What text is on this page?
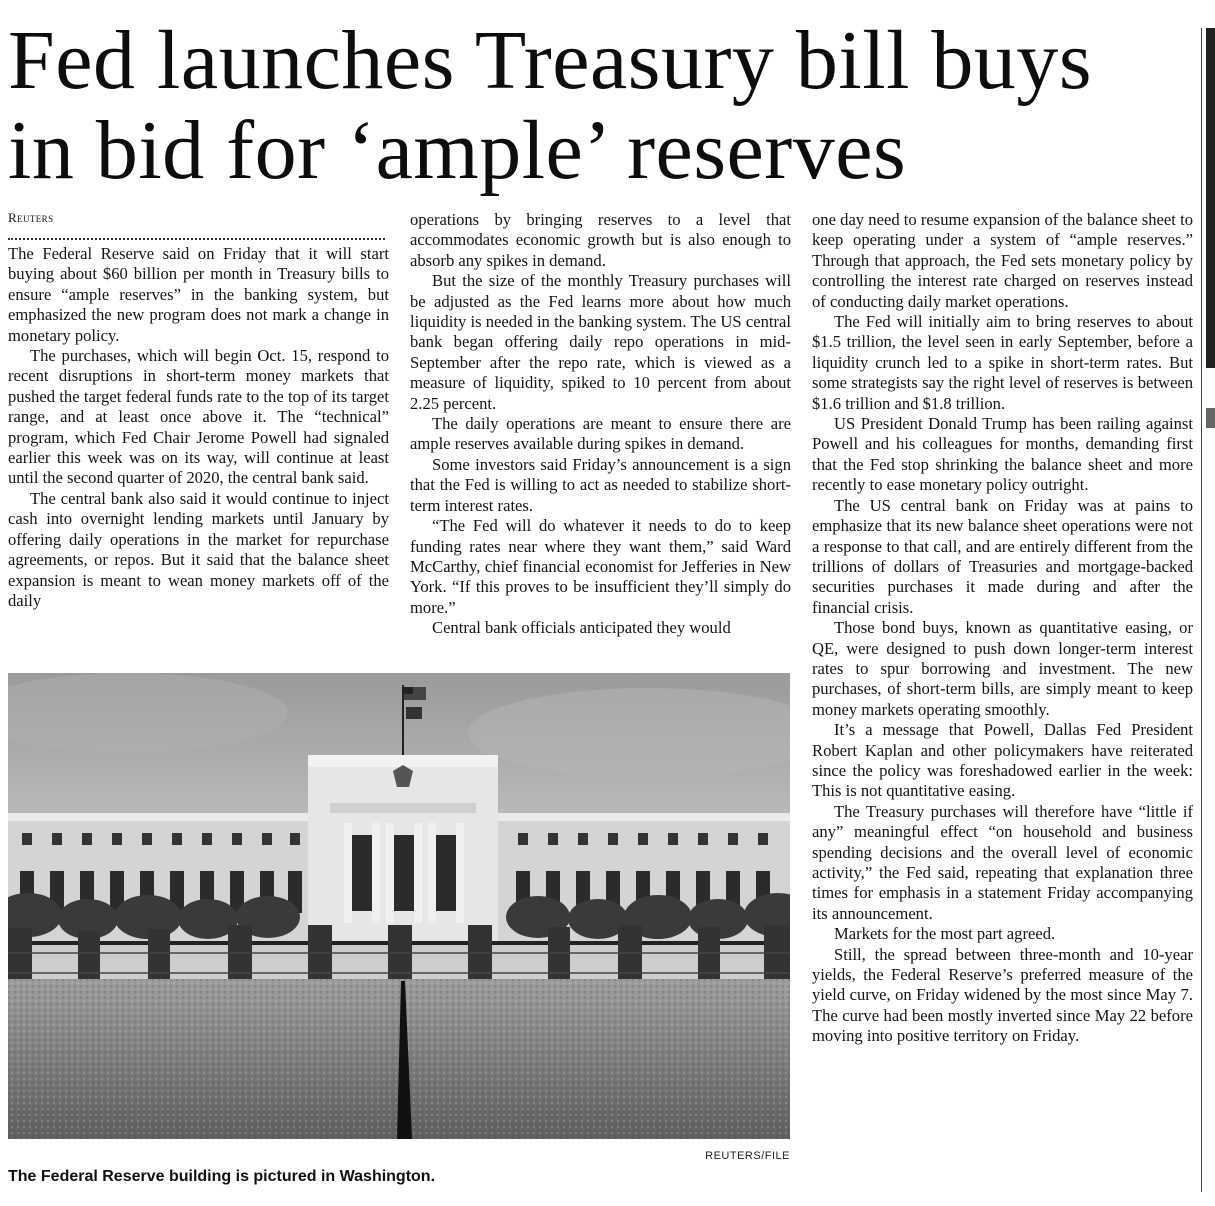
Fed launches Treasury bill buys
in bid for ‘ample’ reserves

Reuters

The Federal Reserve said on Friday that it will start buying about $60 billion per month in Treasury bills to ensure “ample reserves” in the banking system, but emphasized the new program does not mark a change in monetary policy.

The purchases, which will begin Oct. 15, respond to recent disruptions in short-term money markets that pushed the target federal funds rate to the top of its target range, and at least once above it. The “technical” program, which Fed Chair Jerome Powell had signaled earlier this week was on its way, will continue at least until the second quarter of 2020, the central bank said.

The central bank also said it would continue to inject cash into overnight lending markets until January by offering daily operations in the market for repurchase agreements, or repos. But it said that the balance sheet expansion is meant to wean money markets off of the daily

operations by bringing reserves to a level that accommodates economic growth but is also enough to absorb any spikes in demand.

But the size of the monthly Treasury purchases will be adjusted as the Fed learns more about how much liquidity is needed in the banking system. The US central bank began offering daily repo operations in mid-September after the repo rate, which is viewed as a measure of liquidity, spiked to 10 percent from about 2.25 percent.

The daily operations are meant to ensure there are ample reserves available during spikes in demand.

Some investors said Friday’s announcement is a sign that the Fed is willing to act as needed to stabilize short-term interest rates.

“The Fed will do whatever it needs to do to keep funding rates near where they want them,” said Ward McCarthy, chief financial economist for Jefferies in New York. “If this proves to be insufficient they’ll simply do more.”

Central bank officials anticipated they would

one day need to resume expansion of the balance sheet to keep operating under a system of “ample reserves.” Through that approach, the Fed sets monetary policy by controlling the interest rate charged on reserves instead of conducting daily market operations.

The Fed will initially aim to bring reserves to about $1.5 trillion, the level seen in early September, before a liquidity crunch led to a spike in short-term rates. But some strategists say the right level of reserves is between $1.6 trillion and $1.8 trillion.

US President Donald Trump has been railing against Powell and his colleagues for months, demanding first that the Fed stop shrinking the balance sheet and more recently to ease monetary policy outright.

The US central bank on Friday was at pains to emphasize that its new balance sheet operations were not a response to that call, and are entirely different from the trillions of dollars of Treasuries and mortgage-backed securities purchases it made during and after the financial crisis.

Those bond buys, known as quantitative easing, or QE, were designed to push down longer-term interest rates to spur borrowing and investment. The new purchases, of short-term bills, are simply meant to keep money markets operating smoothly.

It’s a message that Powell, Dallas Fed President Robert Kaplan and other policymakers have reiterated since the policy was foreshadowed earlier in the week: This is not quantitative easing.

The Treasury purchases will therefore have “little if any” meaningful effect “on household and business spending decisions and the overall level of economic activity,” the Fed said, repeating that explanation three times for emphasis in a statement Friday accompanying its announcement.

Markets for the most part agreed.

Still, the spread between three-month and 10-year yields, the Federal Reserve’s preferred measure of the yield curve, on Friday widened by the most since May 7. The curve had been mostly inverted since May 22 before moving into positive territory on Friday.

REUTERS/FILE

The Federal Reserve building is pictured in Washington.
